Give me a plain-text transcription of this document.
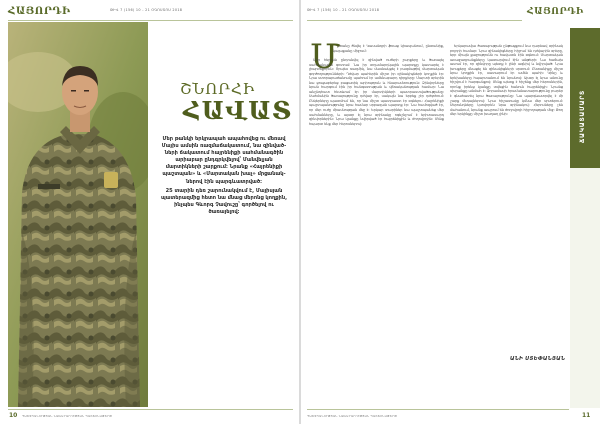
ՀԱՅՈՐԴԻ	ԹԻՎ 7 (156) 10 - 21 ՕԳՈՍՏՈՍ 2018
ՇՆՈՐՀԻ
ՀԱՎԱՏ

Մեր թանկի երկրապահ ապահովեց ու մեռավ Մայիս ամսին ռազմաճակատում, նա զինվածների ճակատում հայրենիքի սահմանագծին արիաբար ընդգրկվելով՝ Մանվելյան մարտիկների շարքում։ Նրանք «Հայրենիքի պաշտպան» և «Մարտական խաչ» մրցանակներով էին պարգևատրված։

25 տարին դեռ շարունակվում է, Մայիսյան պատերազմից հետո նա մնաց մերոնց կողքին, ինչպես Գևորգ Չավուշը՝ գործելով ու ծառայելով։

10 ՊԱՇՏՊԱՆՈՒԹՅԱՆ ՆԱԽԱՐԱՐՈՒԹՅԱՆ ՊԱՇՏՈՆԱԹԵՐԹ
ԹԻՎ 7 (156) 10 - 21 ՕԳՈՍՏՈՍ 2018	ՀԱՅՈՐԴԻ
Մ

շտանը ծնվել է Կասանդրի ֆռաց կիասյանում, ընտանիք, կալաքանը միջում։

Մեր հերոսն ընդունվել է զինված ուժերի շարքերը և ծառայել սահմանային գոտում։ Նա իր տղամարդկային պարտքը կատարել է լիարժեքորեն։ Որպես ռազմիկ, նա մասնակցել է բազմաթիվ մարտական գործողությունների։ Դժվար պահերին միշտ իր զինակիցների կողքին էր։ Նրա ստորաբաժանումը պահում էր ամենաբարդ դիրքերը։ Մարտի օրերին նա ցուցաբերեց բացառիկ արիություն և հնարամտություն։ Զինվորները նրան հարգում էին իր հանգստության և վճռականության համար։ Նա անընդհատ հետևում էր իր մարտիկների պատրաստվածությանը։ Սահմանին ծառայությունը դժվար էր, սակայն նա երբեք չէր դժգոհում։ Ընկերները պատմում են, որ նա միշտ պատրաստ էր օգնելու։ Հայրենիքի պաշտպանությունը նրա համար սրբազան պարտք էր։ Նա համոզված էր, որ մեր ուժը միասնության մեջ է։ Երկար տարիներ նա պաշտպանեց մեր սահմանները, և այսօր էլ նրա օրինակը ոգեշնչում է երիտասարդ զինվորներին։ Նրա կյանքը նվիրված էր հայրենիքին և ժողովրդին։ Մենք հպարտ ենք մեր հերոսներով։

Երկարամյա ծառայության ընթացքում նա դարձավ օրինակ բոլորի համար։ Նրա զինակիցները հիշում են դժվարին օրերը, երբ միայն քաջությունն ու հավատն էին օգնում։ Մարտական առաջադրանքները կատարվում էին անթերի։ Նա հաճախ ասում էր, որ զինվորը պետք է լինի ազնիվ և նվիրված։ Նրա խոսքերը մնացել են զինակիցների սրտում։ Ընտանիքը միշտ նրա կողքին էր, սատարում էր ամեն պահի։ Կինը և երեխաները հպարտանում են նրանով։ Այսօր էլ նրա անունը հիշվում է հարգանքով։ Մենք պետք է հիշենք մեր հերոսներին, որոնք իրենց կյանքը տվեցին հանուն հայրենիքի։ Նրանց սխրանքը անմահ է։ Զորամասի հրամանատարությունը բարձր է գնահատել նրա ծառայությունը։ Նա պարգևատրվել է մի շարք մեդալներով։ Նրա հիշատակը կմնա մեր սրտերում։ Սերունդները կսովորեն նրա օրինակով։ Հերոսները չեն մահանում, նրանք ապրում են ժողովրդի հիշողության մեջ։ Թող մեր երկինքը միշտ խաղաղ լինի։

ԱՆԻ ՍՏԵՓԱՆՅԱՆ
ՃԱԿԱՏԱՄԱՐՏ
ՊԱՇՏՊԱՆՈՒԹՅԱՆ ՆԱԽԱՐԱՐՈՒԹՅԱՆ ՊԱՇՏՈՆԱԹԵՐԹ	11
